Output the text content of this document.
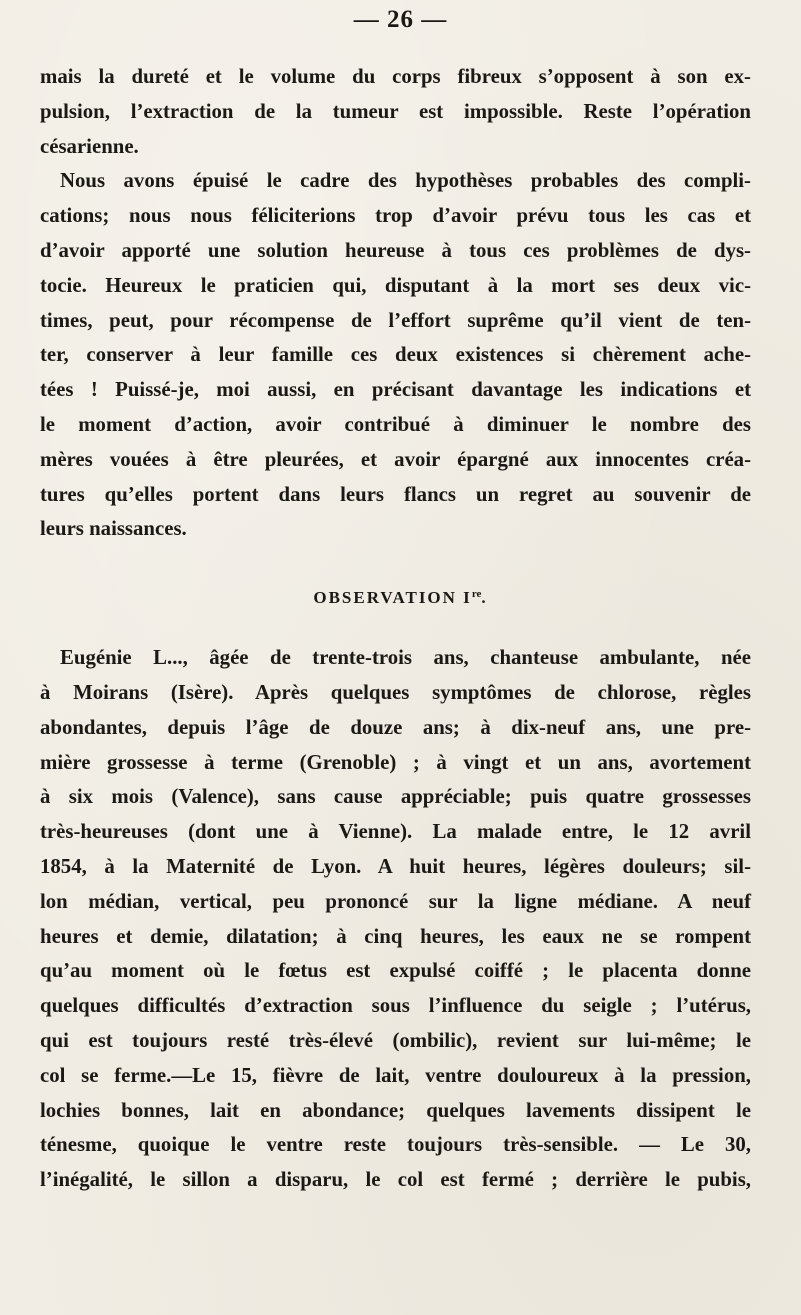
— 26 —

mais la dureté et le volume du corps fibreux s’opposent à son ex-
pulsion, l’extraction de la tumeur est impossible. Reste l’opération
césarienne.

Nous avons épuisé le cadre des hypothèses probables des compli-
cations; nous nous féliciterions trop d’avoir prévu tous les cas et
d’avoir apporté une solution heureuse à tous ces problèmes de dys-
tocie. Heureux le praticien qui, disputant à la mort ses deux vic-
times, peut, pour récompense de l’effort suprême qu’il vient de ten-
ter, conserver à leur famille ces deux existences si chèrement ache-
tées ! Puissé-je, moi aussi, en précisant davantage les indications et
le moment d’action, avoir contribué à diminuer le nombre des
mères vouées à être pleurées, et avoir épargné aux innocentes créa-
tures qu’elles portent dans leurs flancs un regret au souvenir de
leurs naissances.

OBSERVATION Ire.

Eugénie L..., âgée de trente-trois ans, chanteuse ambulante, née
à Moirans (Isère). Après quelques symptômes de chlorose, règles
abondantes, depuis l’âge de douze ans; à dix-neuf ans, une pre-
mière grossesse à terme (Grenoble) ; à vingt et un ans, avortement
à six mois (Valence), sans cause appréciable; puis quatre grossesses
très-heureuses (dont une à Vienne). La malade entre, le 12 avril
1854, à la Maternité de Lyon. A huit heures, légères douleurs; sil-
lon médian, vertical, peu prononcé sur la ligne médiane. A neuf
heures et demie, dilatation; à cinq heures, les eaux ne se rompent
qu’au moment où le fœtus est expulsé coiffé ; le placenta donne
quelques difficultés d’extraction sous l’influence du seigle ; l’utérus,
qui est toujours resté très-élevé (ombilic), revient sur lui-même; le
col se ferme.—Le 15, fièvre de lait, ventre douloureux à la pression,
lochies bonnes, lait en abondance; quelques lavements dissipent le
ténesme, quoique le ventre reste toujours très-sensible. — Le 30,
l’inégalité, le sillon a disparu, le col est fermé ; derrière le pubis,
